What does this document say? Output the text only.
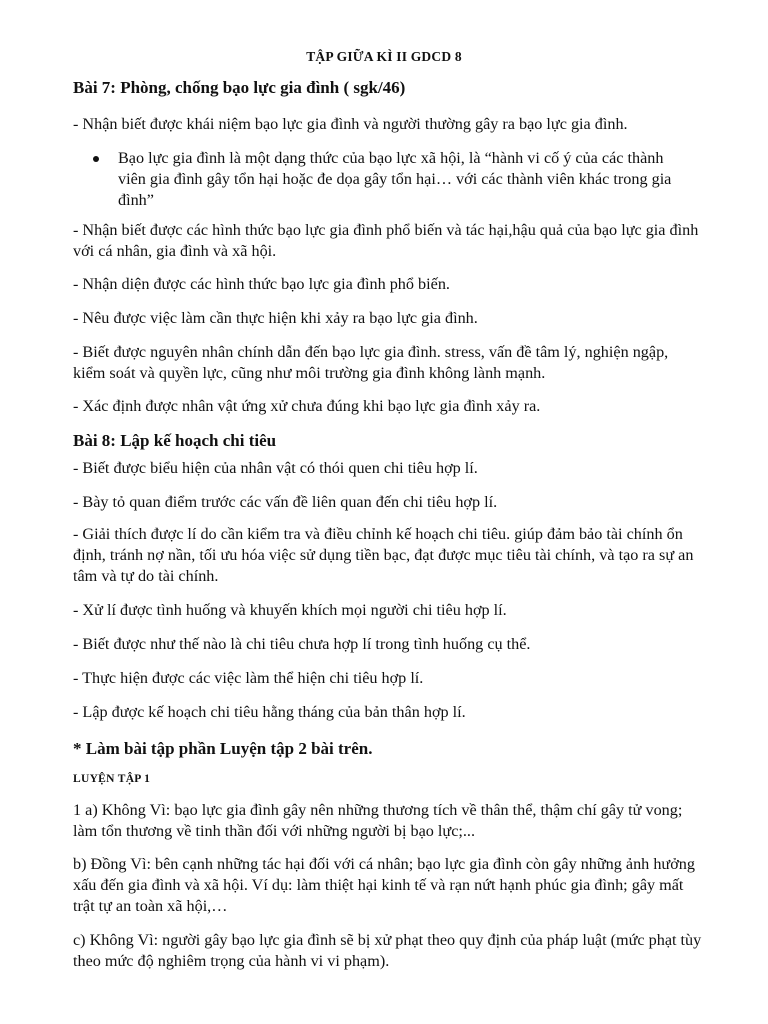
TẬP GIỮA KÌ II GDCD 8
Bài 7: Phòng, chống bạo lực gia đình ( sgk/46)
- Nhận biết được khái niệm bạo lực gia đình và người thường gây ra bạo lực gia đình.
Bạo lực gia đình là một dạng thức của bạo lực xã hội, là “hành vi cố ý của các thành viên gia đình gây tổn hại hoặc đe dọa gây tổn hại… với các thành viên khác trong gia đình”
- Nhận biết được các hình thức bạo lực gia đình phổ biến và tác hại,hậu quả của bạo lực gia đình với cá nhân, gia đình và xã hội.
- Nhận diện được các hình thức bạo lực gia đình phổ biến.
- Nêu được việc làm cần thực hiện khi xảy ra bạo lực gia đình.
- Biết được nguyên nhân chính dẫn đến bạo lực gia đình. stress, vấn đề tâm lý, nghiện ngập, kiểm soát và quyền lực, cũng như môi trường gia đình không lành mạnh.
- Xác định được nhân vật ứng xử chưa đúng khi bạo lực gia đình xảy ra.
Bài 8: Lập kế hoạch chi tiêu
- Biết được biểu hiện của nhân vật có thói quen chi tiêu hợp lí.
- Bày tỏ quan điểm trước các vấn đề liên quan đến chi tiêu hợp lí.
- Giải thích được lí do cần kiểm tra và điều chỉnh kế hoạch chi tiêu. giúp đảm bảo tài chính ổn định, tránh nợ nần, tối ưu hóa việc sử dụng tiền bạc, đạt được mục tiêu tài chính, và tạo ra sự an tâm và tự do tài chính.
- Xử lí được tình huống và khuyến khích mọi người chi tiêu hợp lí.
- Biết được như thế nào là chi tiêu chưa hợp lí trong tình huống cụ thể.
- Thực hiện được các việc làm thể hiện chi tiêu hợp lí.
- Lập được kế hoạch chi tiêu hằng tháng của bản thân hợp lí.
* Làm bài tập phần Luyện tập 2 bài trên.
LUYỆN TẬP 1
1 a) Không Vì: bạo lực gia đình gây nên những thương tích về thân thể, thậm chí gây tử vong; làm tổn thương về tinh thần đối với những người bị bạo lực;...
b) Đồng Vì: bên cạnh những tác hại đối với cá nhân; bạo lực gia đình còn gây những ảnh hưởng xấu đến gia đình và xã hội. Ví dụ: làm thiệt hại kinh tế và rạn nứt hạnh phúc gia đình; gây mất trật tự an toàn xã hội,…
c) Không Vì: người gây bạo lực gia đình sẽ bị xử phạt theo quy định của pháp luật (mức phạt tùy theo mức độ nghiêm trọng của hành vi vi phạm).
